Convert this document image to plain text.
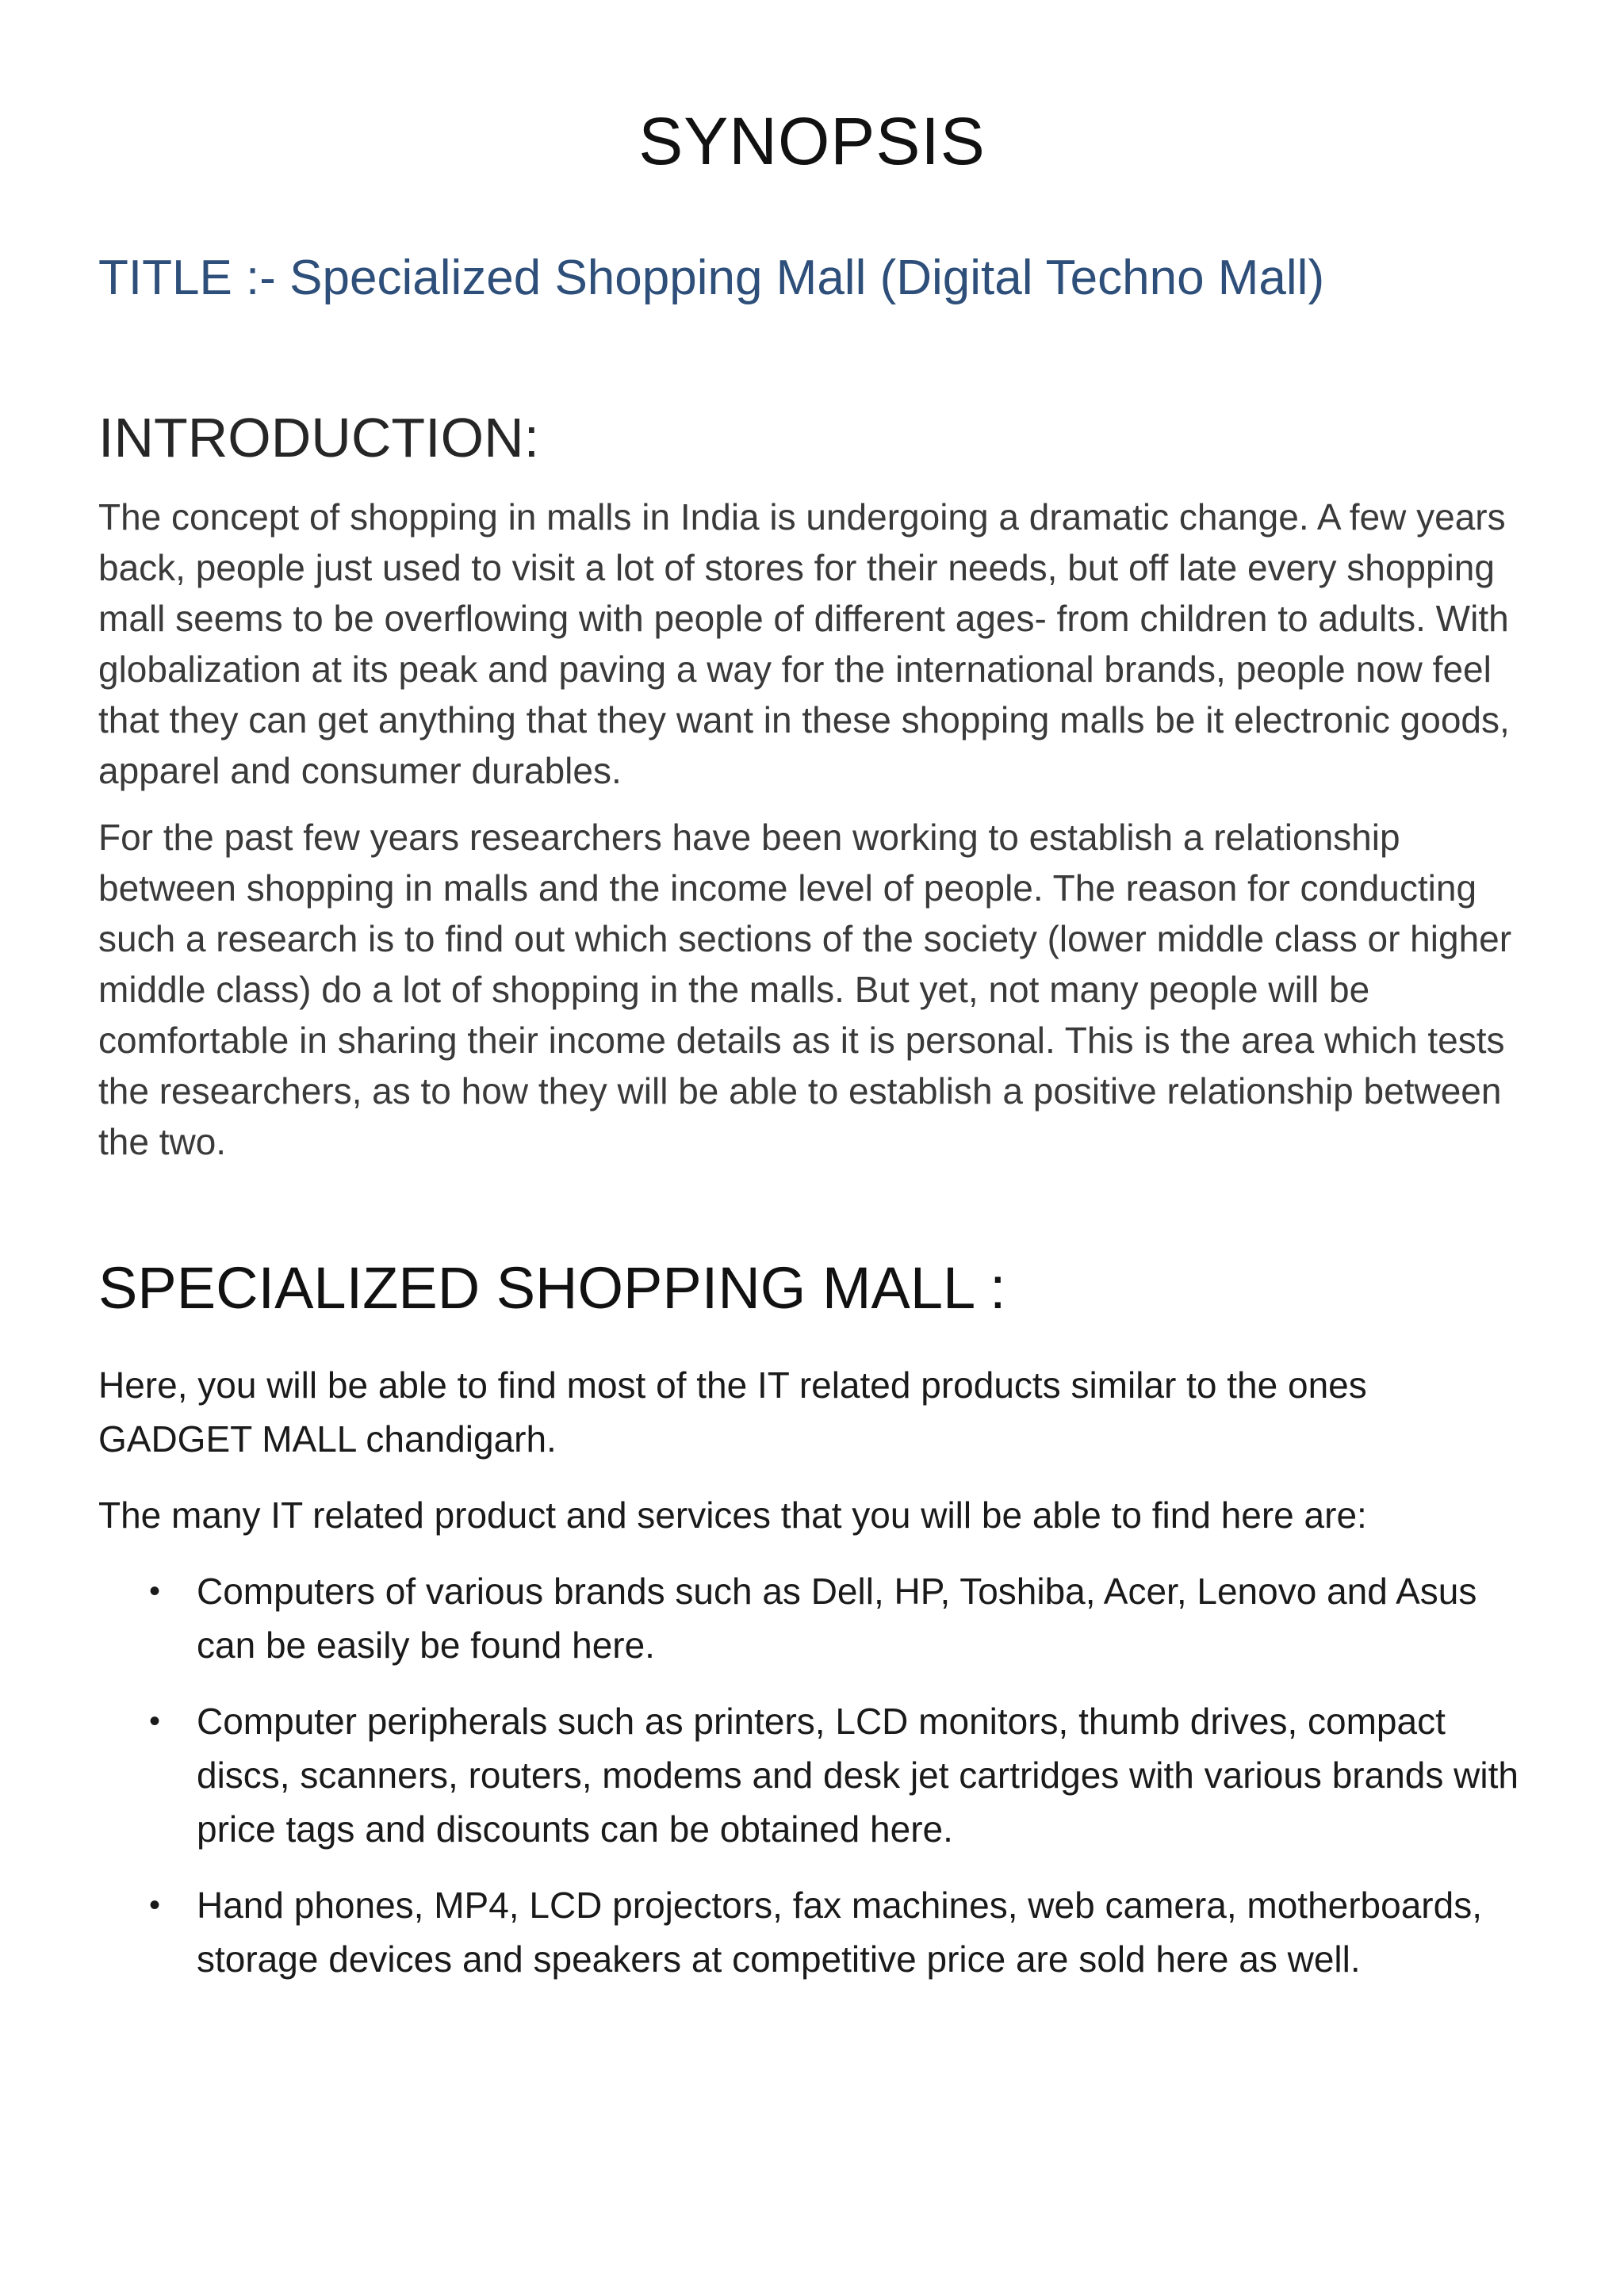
SYNOPSIS
TITLE :- Specialized Shopping Mall (Digital Techno Mall)
INTRODUCTION:

The concept of shopping in malls in India is undergoing a dramatic change. A few years back, people just used to visit a lot of stores for their needs, but off late every shopping mall seems to be overflowing with people of different ages- from children to adults. With globalization at its peak and paving a way for the international brands, people now feel that they can get anything that they want in these shopping malls be it electronic goods, apparel and consumer durables.

For the past few years researchers have been working to establish a relationship between shopping in malls and the income level of people. The reason for conducting such a research is to find out which sections of the society (lower middle class or higher middle class) do a lot of shopping in the malls. But yet, not many people will be comfortable in sharing their income details as it is personal. This is the area which tests the researchers, as to how they will be able to establish a positive relationship between the two.

SPECIALIZED SHOPPING MALL :

Here, you will be able to find most of the IT related products similar to the ones GADGET MALL chandigarh.

The many IT related product and services that you will be able to find here are:

• Computers of various brands such as Dell, HP, Toshiba, Acer, Lenovo and Asus can be easily be found here.
• Computer peripherals such as printers, LCD monitors, thumb drives, compact discs, scanners, routers, modems and desk jet cartridges with various brands with price tags and discounts can be obtained here.
• Hand phones, MP4, LCD projectors, fax machines, web camera, motherboards, storage devices and speakers at competitive price are sold here as well.
